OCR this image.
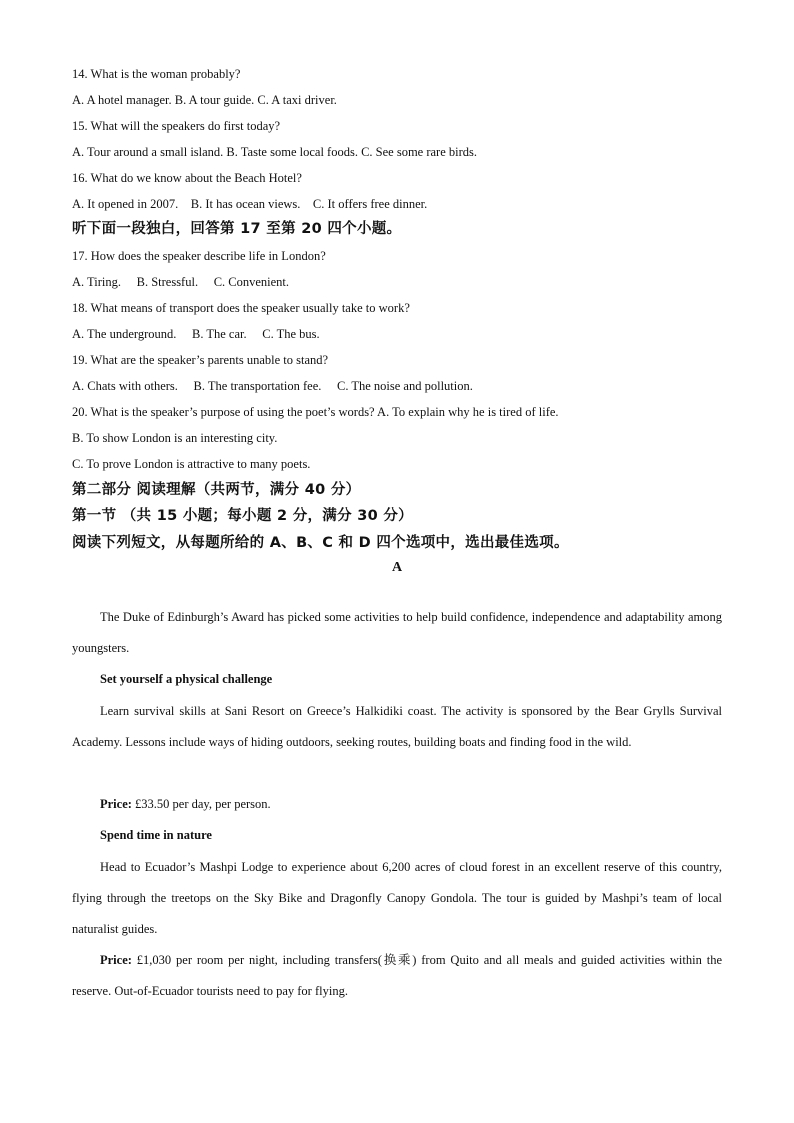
14. What is the woman probably?
A. A hotel manager. B. A tour guide. C. A taxi driver.
15. What will the speakers do first today?
A. Tour around a small island. B. Taste some local foods. C. See some rare birds.
16. What do we know about the Beach Hotel?
A. It opened in 2007.    B. It has ocean views.    C. It offers free dinner.
听下面一段独白，回答第 17 至第 20 四个小题。
17. How does the speaker describe life in London?
A. Tiring.     B. Stressful.     C. Convenient.
18. What means of transport does the speaker usually take to work?
A. The underground.     B. The car.     C. The bus.
19. What are the speaker’s parents unable to stand?
A. Chats with others.     B. The transportation fee.     C. The noise and pollution.
20. What is the speaker’s purpose of using the poet’s words? A. To explain why he is tired of life.
B. To show London is an interesting city.
C. To prove London is attractive to many poets.
第二部分 阅读理解（共两节，满分 40 分）
第一节 （共 15 小题；每小题 2 分，满分 30 分）
阅读下列短文，从每题所给的 A、B、C 和 D 四个选项中，选出最佳选项。
A
The Duke of Edinburgh’s Award has picked some activities to help build confidence, independence and adaptability among youngsters.
Set yourself a physical challenge
Learn survival skills at Sani Resort on Greece’s Halkidiki coast. The activity is sponsored by the Bear Grylls Survival Academy. Lessons include ways of hiding outdoors, seeking routes, building boats and finding food in the wild.
Price: £33.50 per day, per person.
Spend time in nature
Head to Ecuador’s Mashpi Lodge to experience about 6,200 acres of cloud forest in an excellent reserve of this country, flying through the treetops on the Sky Bike and Dragonfly Canopy Gondola. The tour is guided by Mashpi’s team of local naturalist guides.
Price: £1,030 per room per night, including transfers(换乘) from Quito and all meals and guided activities within the reserve. Out-of-Ecuador tourists need to pay for flying.
